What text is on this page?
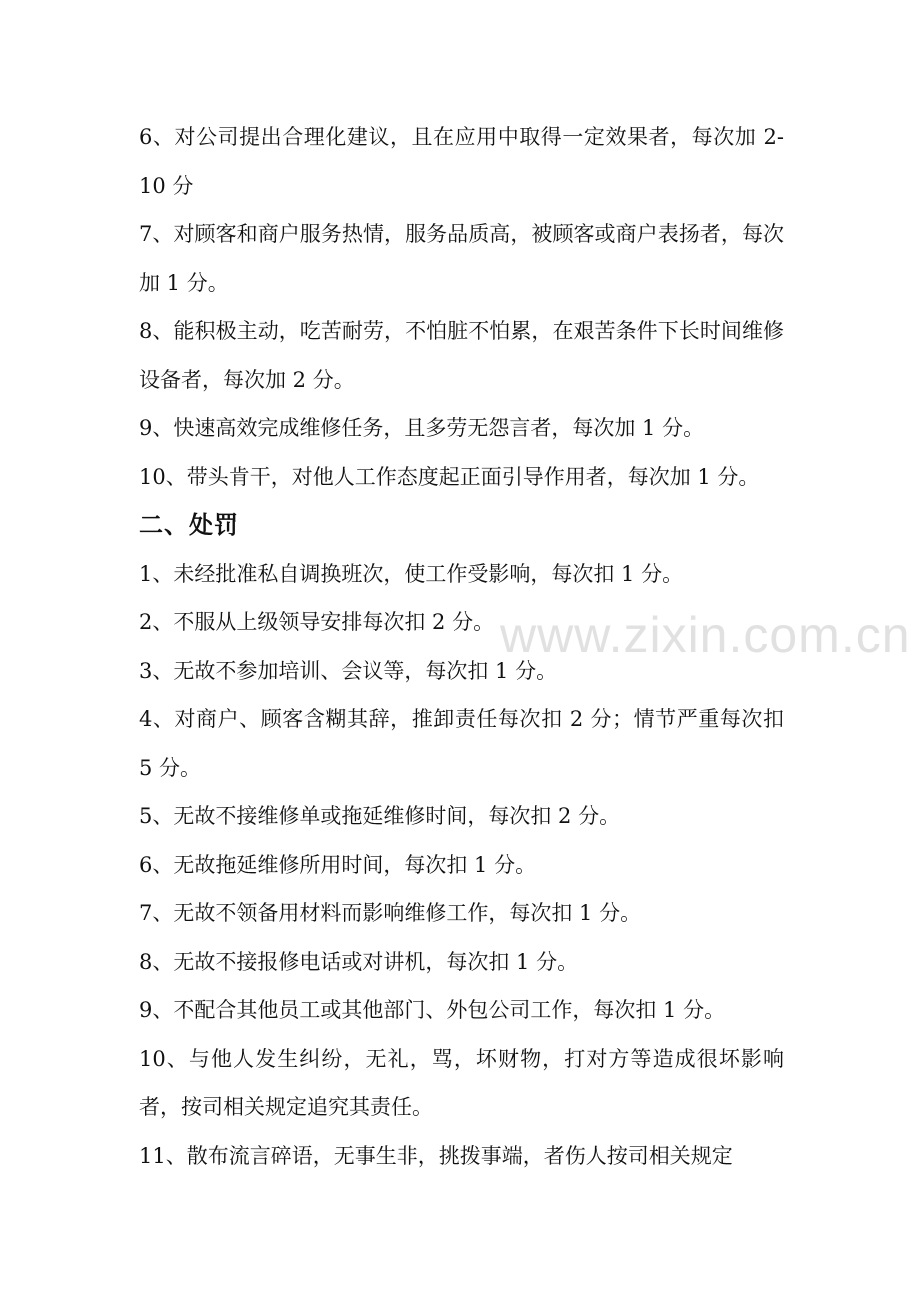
6、对公司提出合理化建议，且在应用中取得一定效果者，每次加 2-10 分

7、对顾客和商户服务热情，服务品质高，被顾客或商户表扬者，每次加 1 分。

8、能积极主动，吃苦耐劳，不怕脏不怕累，在艰苦条件下长时间维修设备者，每次加 2 分。

9、快速高效完成维修任务，且多劳无怨言者，每次加 1 分。

10、带头肯干，对他人工作态度起正面引导作用者，每次加 1 分。

二、处罚

1、未经批准私自调换班次，使工作受影响，每次扣 1 分。

2、不服从上级领导安排每次扣 2 分。

3、无故不参加培训、会议等，每次扣 1 分。

4、对商户、顾客含糊其辞，推卸责任每次扣 2 分；情节严重每次扣 5 分。

5、无故不接维修单或拖延维修时间，每次扣 2 分。

6、无故拖延维修所用时间，每次扣 1 分。

7、无故不领备用材料而影响维修工作，每次扣 1 分。

8、无故不接报修电话或对讲机，每次扣 1 分。

9、不配合其他员工或其他部门、外包公司工作，每次扣 1 分。

10、与他人发生纠纷，无礼，骂，坏财物，打对方等造成很坏影响者，按司相关规定追究其责任。

11、散布流言碎语，无事生非，挑拨事端，者伤人按司相关规定

www.zixin.com.cn
